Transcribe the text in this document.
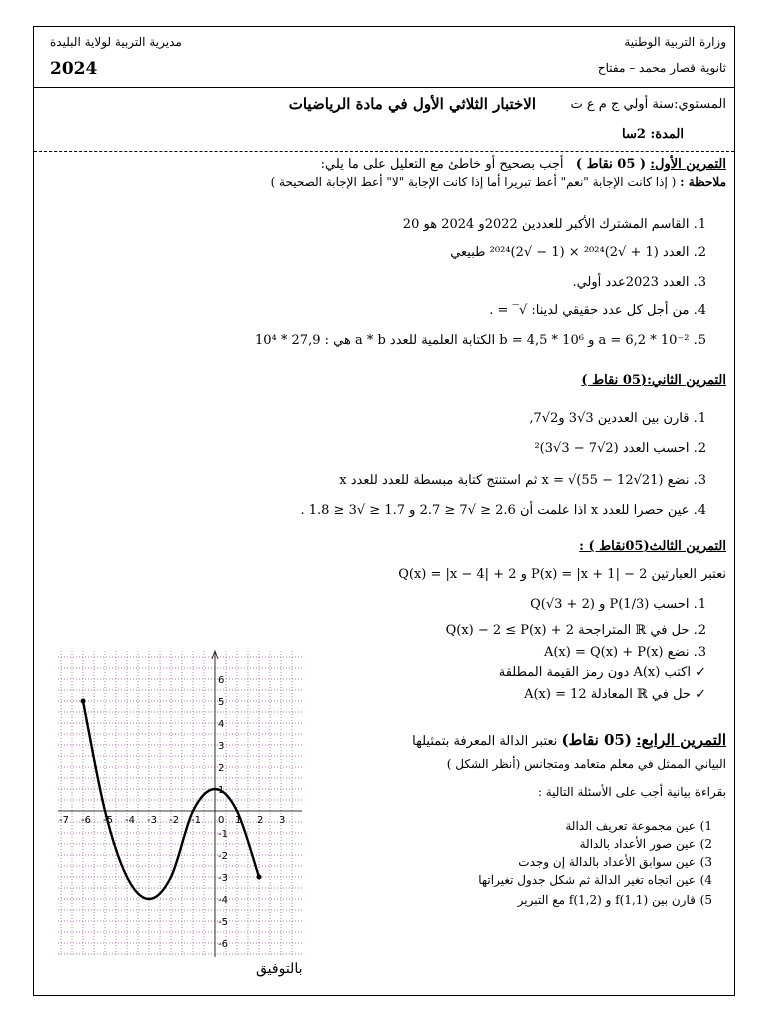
وزارة التربية الوطنية
ثانوية قصار محمد – مفتاح
مديرية التربية لولاية البليدة
2024
المستوي:سنة أولي ج م ع ت
الاختبار الثلاثي الأول في مادة الرياضيات
المدة: 2سا
التمرين الأول: ( 05 نقاط )   أجب بصحيح أو خاطئ مع التعليل على ما يلي:
ملاحظة : ( إذا كانت الإجابة "نعم" أعط تبريرا أما إذا كانت الإجابة "لا" أعط الإجابة الصحيحة )
1. القاسم المشترك الأكبر للعددين 2022و 2024 هو 20
2. العدد (1 + √2)²⁰²⁴ × (1 − √2)²⁰²⁴ طبيعي
3. العدد 2023عدد أولي.
4. من أجل كل عدد حقيقي لدينا: √‾ = .
5. a = 6,2 * 10⁻² و b = 4,5 * 10⁶ الكتابة العلمية للعدد a * b هي : 27,9 * 10⁴
التمرين الثاني:(05 نقاط )
1. قارن بين العددين 3√3 و2√7,
2. احسب العدد (2√7 − 3√3)²
3. نضع x = √(55 − 12√21) ثم استنتج كتابة مبسطة للعدد للعدد x
4. عين حصرا للعدد x اذا علمت أن 2.6 ≤ √7 ≤ 2.7 و 1.7 ≤ √3 ≤ 1.8 .
التمرين الثالث(05نقاط ) :
نعتبر العبارتين P(x) = |x + 1| − 2 و Q(x) = |x − 4| + 2
1. احسب P(1/3) و Q(√3 + 2)
2. حل في ℝ المتراجحة Q(x) − 2 ≤ P(x) + 2
3. نضع A(x) = Q(x) + P(x)
✓ اكتب A(x) دون رمز القيمة المطلقة
✓ حل في ℝ المعادلة A(x) = 12
التمرين الرابع: (05 نقاط) نعتبر الدالة المعرفة بتمثيلها
البياني الممثل في معلم متعامد ومتجانس (أنظر الشكل )
بقراءة بيانية أجب على الأسئلة التالية :
1) عين مجموعة تعريف الدالة
2) عين صور الأعداد بالدالة
3) عين سوابق الأعداد بالدالة إن وجدت
4) عين اتجاه تغير الدالة ثم شكل جدول تغيراتها
5) قارن بين f(1,1) و f(1,2) مع التبرير
-7 -6 -5 -4 -3 -2 -1 0 1 2 3
6
5
4
3
2
1
-1
-2
-3
-4
-5
-6
بالتوفيق
